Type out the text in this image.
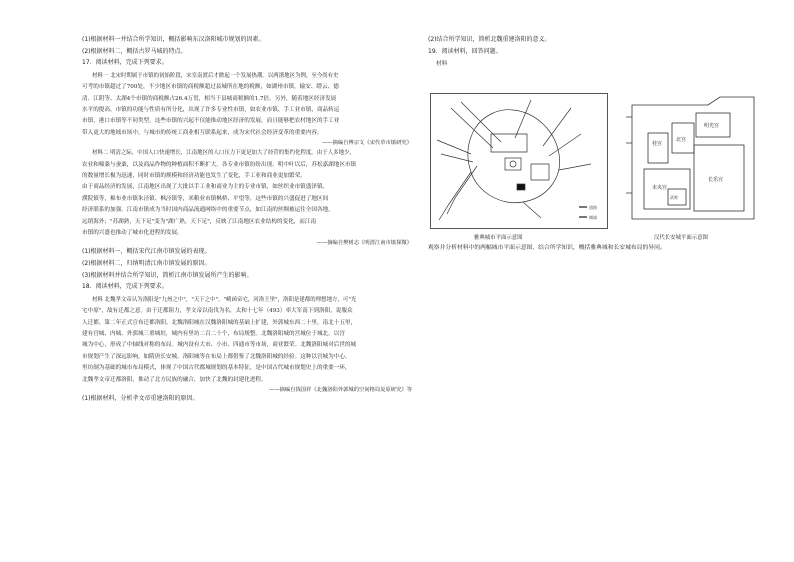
(1)根据材料一并结合所学知识，概括影响东汉洛阳城市规划的因素。

(2)根据材料二，概括古罗马城的特点。

17．阅读材料，完成下列要求。

材料一 北宋时期属于市镇的初始阶段，宋室南渡后才掀起一个发展热潮。以两浙地区为例，至今尚有史

可考的市镇超过了700处，不少地区市镇的商税额超过县城所在地的税额，如湖州市镇，输安、缙云、德

清、江阴等、太湖4个市镇的商税额占26.4万贯，相当于县城商税额的1.7倍。另外，随着地区经济发展

水平的提高，市镇的功能与性质有所分化，出现了许多专业性市镇，如农业市镇、手工业市镇，商品转运

市镇，港口市镇等不同类型。这些市镇的兴起不仅能推动地区经济的发展，而且能够把农村地区的手工业

带入更大的地域市场中，与城市的传统工商业相互联系起来，成为宋代社会经济变革的重要内容。

——摘编自傅宗文《宋代草市镇研究》

材料二 明清之际，中国人口快速增长，江南地区的人口压力下更是加大了经营的集约化程度。由于人多地少，

农业和棉桑与蚕桑，以及商品作物的种植面积不断扩大，各专业市镇纷纷出现。明中叶以后，苏松嘉湖地区市镇

的数量增长极为迅速，同时市镇的规模和经济功能也发生了变化，手工业和商业更加繁荣。

由于商品经济的发展，江南地区出现了大批以手工业和商业为主的专业市镇，如丝织业市镇盛泽镇、

濮院镇等，棉布业市镇朱泾镇、枫泾镇等，米粮业市镇枫桥、平望等，这些市镇的兴盛促进了地区间

经济联系的加强。江南市镇成为当时国内商品流通网络中的重要节点，如江南的丝绸被运往全国各地，

远销海外；"苏湖熟，天下足"变为"湖广熟，天下足"，反映了江南地区农业结构的变化，而江南

市镇的兴盛也推动了城市化进程的发展。

——摘编自樊树志《明清江南市镇探微》

(1)根据材料一，概括宋代江南市镇发展的表现。

(2)根据材料二，归纳明清江南市镇发展的原因。

(3)根据材料并结合所学知识，简析江南市镇发展所产生的影响。

18．阅读材料，完成下列要求。

材料 北魏孝文帝认为洛阳是"九州之中"，"天下之中"。"崤函帝宅，河洛王里"，洛阳是建都的理想地方，可"光

宅中原"，故有迁都之意。由于迁都阻力，孝文帝以南伐为名，太和十七年（493）率大军南下到洛阳，说服众

人迁都。第二年正式宣布迁都洛阳。北魏洛阳城在汉魏洛阳城的基础上扩建，外郭城东西二十里，南北十五里，

建有宫城、内城、外郭城三重城垣，城内有里坊二百二十个，布局规整。北魏洛阳城的宫城位于城北，以宫

城为中心，形成了中轴线对称的布局。城内设有大市、小市、四通市等市场，商业繁荣。北魏洛阳城对后世的城

市规划产生了深远影响，如隋唐长安城、洛阳城等在布局上都借鉴了北魏洛阳城的经验。这种以宫城为中心、

里坊制为基础的城市布局模式，体现了中国古代都城规划的基本特征，是中国古代城市规划史上的重要一环，

北魏孝文帝迁都洛阳，推动了北方民族的融合，加快了北魏的封建化进程。

——摘编自钱国祥《北魏洛阳外郭城的空间格局复原研究》等

(1)根据材料，分析孝文帝重建洛阳的原因。

(2)结合所学知识，简析北魏重建洛阳的意义。

19．阅读材料，回答问题。

材料

道路
城墙
雅典城市平面示意图
桂宫
北宫
明光宫
未央宫
长乐宫
武库
汉代长安城平面示意图

观察并分析材料中的两幅城市平面示意图，结合所学知识，概括雅典城和长安城布局的异同。
